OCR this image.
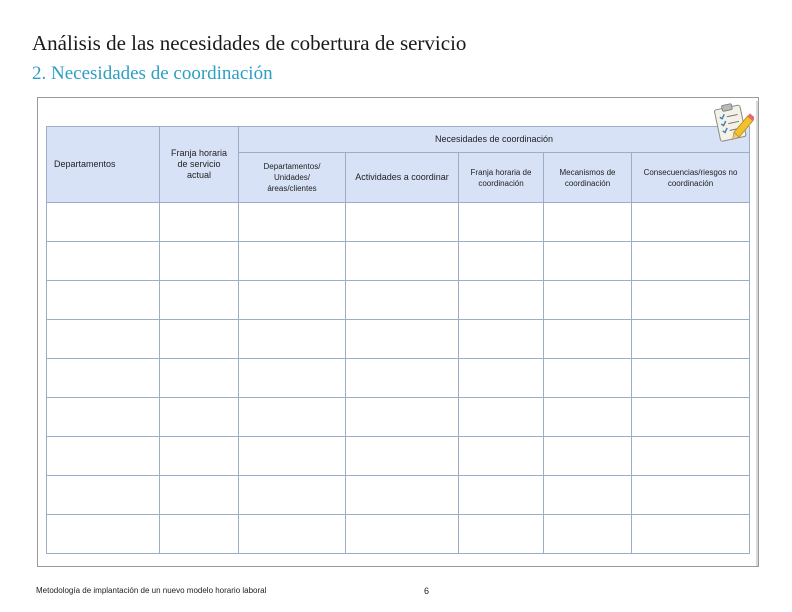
Análisis de las necesidades de cobertura de servicio
2. Necesidades de coordinación
Departamentos	Franja horaria de servicio actual	Necesidades de coordinación				
		Departamentos/ Unidades/ áreas/clientes	Actividades a coordinar	Franja horaria de coordinación	Mecanismos de coordinación	Consecuencias/riesgos no coordinación

Metodología de implantación de un nuevo modelo horario laboral	6
